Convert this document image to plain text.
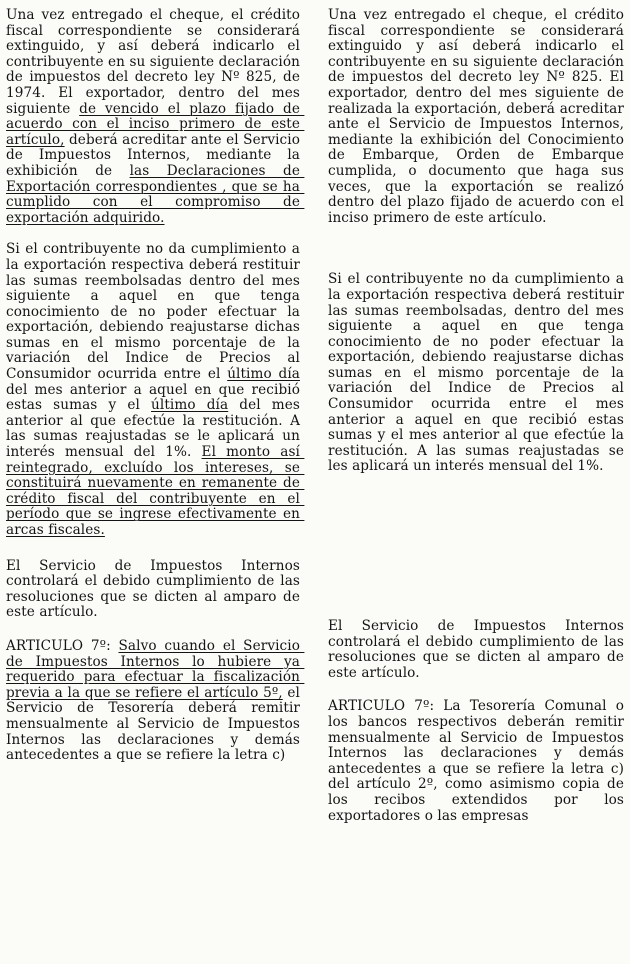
Una vez entregado el cheque, el crédito fiscal correspondiente se considerará extinguido, y así deberá indicarlo el contribuyente en su siguiente declaración de impuestos del decreto ley Nº 825, de 1974. El exportador, dentro del mes siguiente de vencido el plazo fijado de acuerdo con el inciso primero de este artículo, deberá acreditar ante el Servicio de Impuestos Internos, mediante la exhibición de las Declaraciones de Exportación correspondientes , que se ha cumplido con el compromiso de exportación adquirido.

Si el contribuyente no da cumplimiento a la exportación respectiva deberá restituir las sumas reembolsadas dentro del mes siguiente a aquel en que tenga conocimiento de no poder efectuar la exportación, debiendo reajustarse dichas sumas en el mismo porcentaje de la variación del Indice de Precios al Consumidor ocurrida entre el último día del mes anterior a aquel en que recibió estas sumas y el último día del mes anterior al que efectúe la restitución. A las sumas reajustadas se le aplicará un interés mensual del 1%. El monto así reintegrado, excluído los intereses, se constituirá nuevamente en remanente de crédito fiscal del contribuyente en el período que se ingrese efectivamente en arcas fiscales.

El Servicio de Impuestos Internos controlará el debido cumplimiento de las resoluciones que se dicten al amparo de este artículo.

ARTICULO 7º: Salvo cuando el Servicio de Impuestos Internos lo hubiere ya requerido para efectuar la fiscalización previa a la que se refiere el artículo 5º, el Servicio de Tesorería deberá remitir mensualmente al Servicio de Impuestos Internos las declaraciones y demás antecedentes a que se refiere la letra c)

Una vez entregado el cheque, el crédito fiscal correspondiente se considerará extinguido y así deberá indicarlo el contribuyente en su siguiente declaración de impuestos del decreto ley Nº 825. El exportador, dentro del mes siguiente de realizada la exportación, deberá acreditar ante el Servicio de Impuestos Internos, mediante la exhibición del Conocimiento de Embarque, Orden de Embarque cumplida, o documento que haga sus veces, que la exportación se realizó dentro del plazo fijado de acuerdo con el inciso primero de este artículo.

Si el contribuyente no da cumplimiento a la exportación respectiva deberá restituir las sumas reembolsadas, dentro del mes siguiente a aquel en que tenga conocimiento de no poder efectuar la exportación, debiendo reajustarse dichas sumas en el mismo porcentaje de la variación del Indice de Precios al Consumidor ocurrida entre el mes anterior a aquel en que recibió estas sumas y el mes anterior al que efectúe la restitución. A las sumas reajustadas se les aplicará un interés mensual del 1%.

El Servicio de Impuestos Internos controlará el debido cumplimiento de las resoluciones que se dicten al amparo de este artículo.

ARTICULO 7º: La Tesorería Comunal o los bancos respectivos deberán remitir mensualmente al Servicio de Impuestos Internos las declaraciones y demás antecedentes a que se refiere la letra c) del artículo 2º, como asimismo copia de los recibos extendidos por los exportadores o las empresas
